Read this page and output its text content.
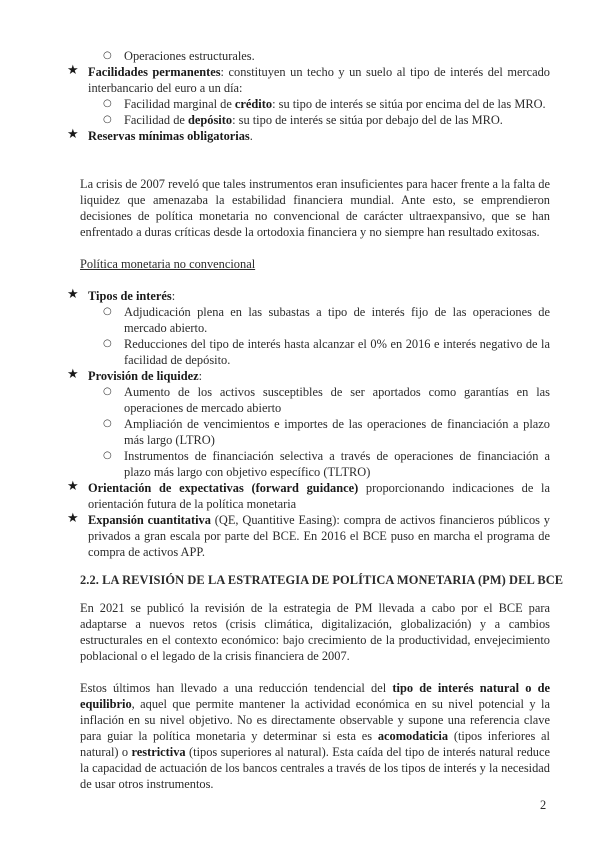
○ Operaciones estructurales.
★ Facilidades permanentes: constituyen un techo y un suelo al tipo de interés del mercado interbancario del euro a un día:
○ Facilidad marginal de crédito: su tipo de interés se sitúa por encima del de las MRO.
○ Facilidad de depósito: su tipo de interés se sitúa por debajo del de las MRO.
★ Reservas mínimas obligatorias.

La crisis de 2007 reveló que tales instrumentos eran insuficientes para hacer frente a la falta de liquidez que amenazaba la estabilidad financiera mundial. Ante esto, se emprendieron decisiones de política monetaria no convencional de carácter ultraexpansivo, que se han enfrentado a duras críticas desde la ortodoxia financiera y no siempre han resultado exitosas.

Política monetaria no convencional
★ Tipos de interés:
○ Adjudicación plena en las subastas a tipo de interés fijo de las operaciones de mercado abierto.
○ Reducciones del tipo de interés hasta alcanzar el 0% en 2016 e interés negativo de la facilidad de depósito.
★ Provisión de liquidez:
○ Aumento de los activos susceptibles de ser aportados como garantías en las operaciones de mercado abierto
○ Ampliación de vencimientos e importes de las operaciones de financiación a plazo más largo (LTRO)
○ Instrumentos de financiación selectiva a través de operaciones de financiación a plazo más largo con objetivo específico (TLTRO)
★ Orientación de expectativas (forward guidance) proporcionando indicaciones de la orientación futura de la política monetaria
★ Expansión cuantitativa (QE, Quantitive Easing): compra de activos financieros públicos y privados a gran escala por parte del BCE. En 2016 el BCE puso en marcha el programa de compra de activos APP.
2.2. LA REVISIÓN DE LA ESTRATEGIA DE POLÍTICA MONETARIA (PM) DEL BCE

En 2021 se publicó la revisión de la estrategia de PM llevada a cabo por el BCE para adaptarse a nuevos retos (crisis climática, digitalización, globalización) y a cambios estructurales en el contexto económico: bajo crecimiento de la productividad, envejecimiento poblacional o el legado de la crisis financiera de 2007.

Estos últimos han llevado a una reducción tendencial del tipo de interés natural o de equilibrio, aquel que permite mantener la actividad económica en su nivel potencial y la inflación en su nivel objetivo. No es directamente observable y supone una referencia clave para guiar la política monetaria y determinar si esta es acomodaticia (tipos inferiores al natural) o restrictiva (tipos superiores al natural). Esta caída del tipo de interés natural reduce la capacidad de actuación de los bancos centrales a través de los tipos de interés y la necesidad de usar otros instrumentos.

2
